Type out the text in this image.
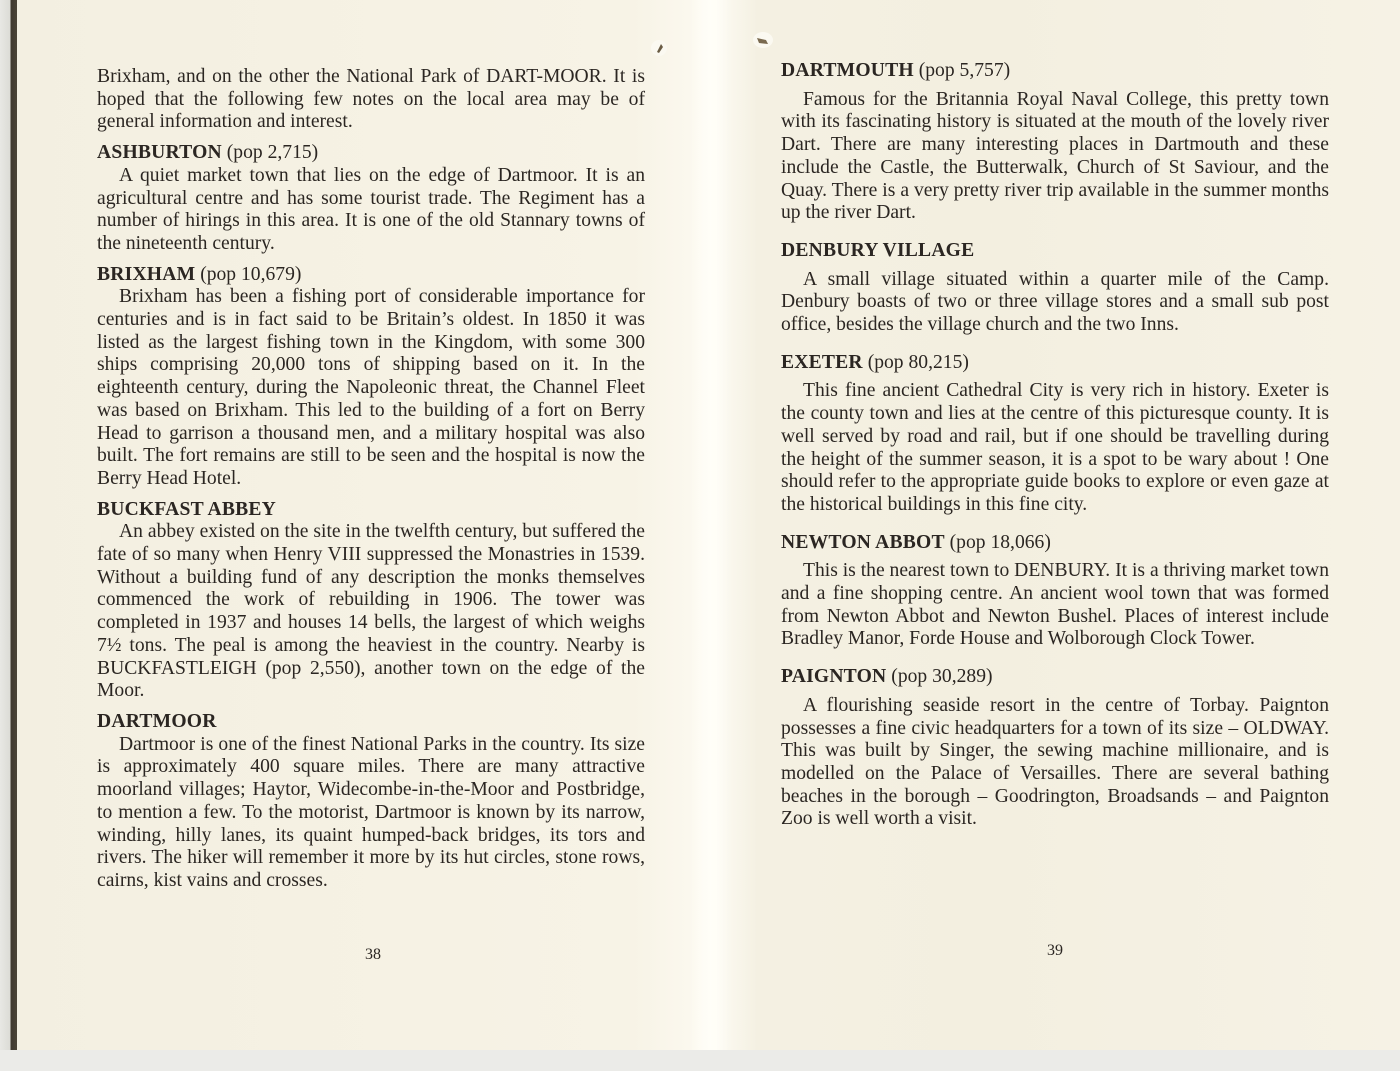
Brixham, and on the other the National Park of DART-MOOR. It is hoped that the following few notes on the local area may be of general information and interest.

ASHBURTON (pop 2,715)

A quiet market town that lies on the edge of Dartmoor. It is an agricultural centre and has some tourist trade. The Regiment has a number of hirings in this area. It is one of the old Stannary towns of the nineteenth century.

BRIXHAM (pop 10,679)

Brixham has been a fishing port of considerable importance for centuries and is in fact said to be Britain’s oldest. In 1850 it was listed as the largest fishing town in the Kingdom, with some 300 ships comprising 20,000 tons of shipping based on it. In the eighteenth century, during the Napoleonic threat, the Channel Fleet was based on Brixham. This led to the building of a fort on Berry Head to garrison a thousand men, and a military hospital was also built. The fort remains are still to be seen and the hospital is now the Berry Head Hotel.

BUCKFAST ABBEY

An abbey existed on the site in the twelfth century, but suffered the fate of so many when Henry VIII suppressed the Monastries in 1539. Without a building fund of any description the monks themselves commenced the work of rebuilding in 1906. The tower was completed in 1937 and houses 14 bells, the largest of which weighs 7½ tons. The peal is among the heaviest in the country. Nearby is BUCKFASTLEIGH (pop 2,550), another town on the edge of the Moor.

DARTMOOR

Dartmoor is one of the finest National Parks in the country. Its size is approximately 400 square miles. There are many attractive moorland villages; Haytor, Widecombe-in-the-Moor and Postbridge, to mention a few. To the motorist, Dartmoor is known by its narrow, winding, hilly lanes, its quaint humped-back bridges, its tors and rivers. The hiker will remember it more by its hut circles, stone rows, cairns, kist vains and crosses.

38

DARTMOUTH (pop 5,757)

Famous for the Britannia Royal Naval College, this pretty town with its fascinating history is situated at the mouth of the lovely river Dart. There are many interesting places in Dartmouth and these include the Castle, the Butterwalk, Church of St Saviour, and the Quay. There is a very pretty river trip available in the summer months up the river Dart.

DENBURY VILLAGE

A small village situated within a quarter mile of the Camp. Denbury boasts of two or three village stores and a small sub post office, besides the village church and the two Inns.

EXETER (pop 80,215)

This fine ancient Cathedral City is very rich in history. Exeter is the county town and lies at the centre of this picturesque county. It is well served by road and rail, but if one should be travelling during the height of the summer season, it is a spot to be wary about ! One should refer to the appropriate guide books to explore or even gaze at the historical buildings in this fine city.

NEWTON ABBOT (pop 18,066)

This is the nearest town to DENBURY. It is a thriving market town and a fine shopping centre. An ancient wool town that was formed from Newton Abbot and Newton Bushel. Places of interest include Bradley Manor, Forde House and Wolborough Clock Tower.

PAIGNTON (pop 30,289)

A flourishing seaside resort in the centre of Torbay. Paignton possesses a fine civic headquarters for a town of its size – OLDWAY. This was built by Singer, the sewing machine millionaire, and is modelled on the Palace of Versailles. There are several bathing beaches in the borough – Goodrington, Broadsands – and Paignton Zoo is well worth a visit.

39
